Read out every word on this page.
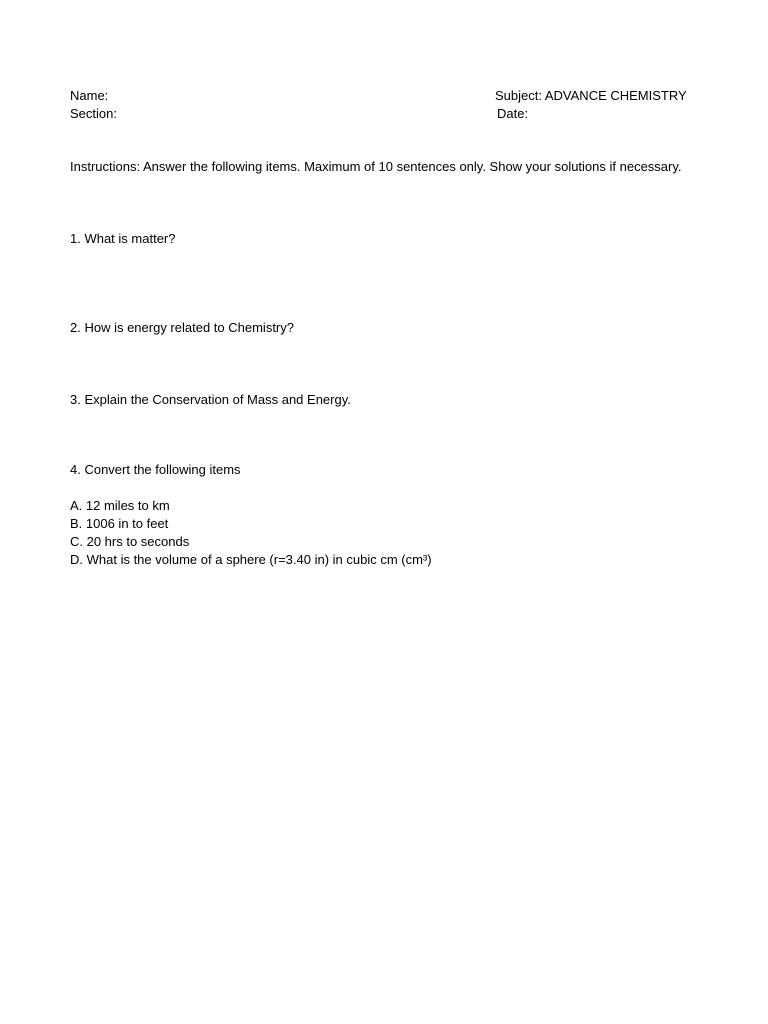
Name:	Subject: ADVANCE CHEMISTRY
Section:	Date:
Instructions: Answer the following items. Maximum of 10 sentences only. Show your solutions if necessary.
1. What is matter?
2. How is energy related to Chemistry?
3. Explain the Conservation of Mass and Energy.
4. Convert the following items
A. 12 miles to km
B. 1006 in to feet
C. 20 hrs to seconds
D. What is the volume of a sphere (r=3.40 in) in cubic cm (cm³)
